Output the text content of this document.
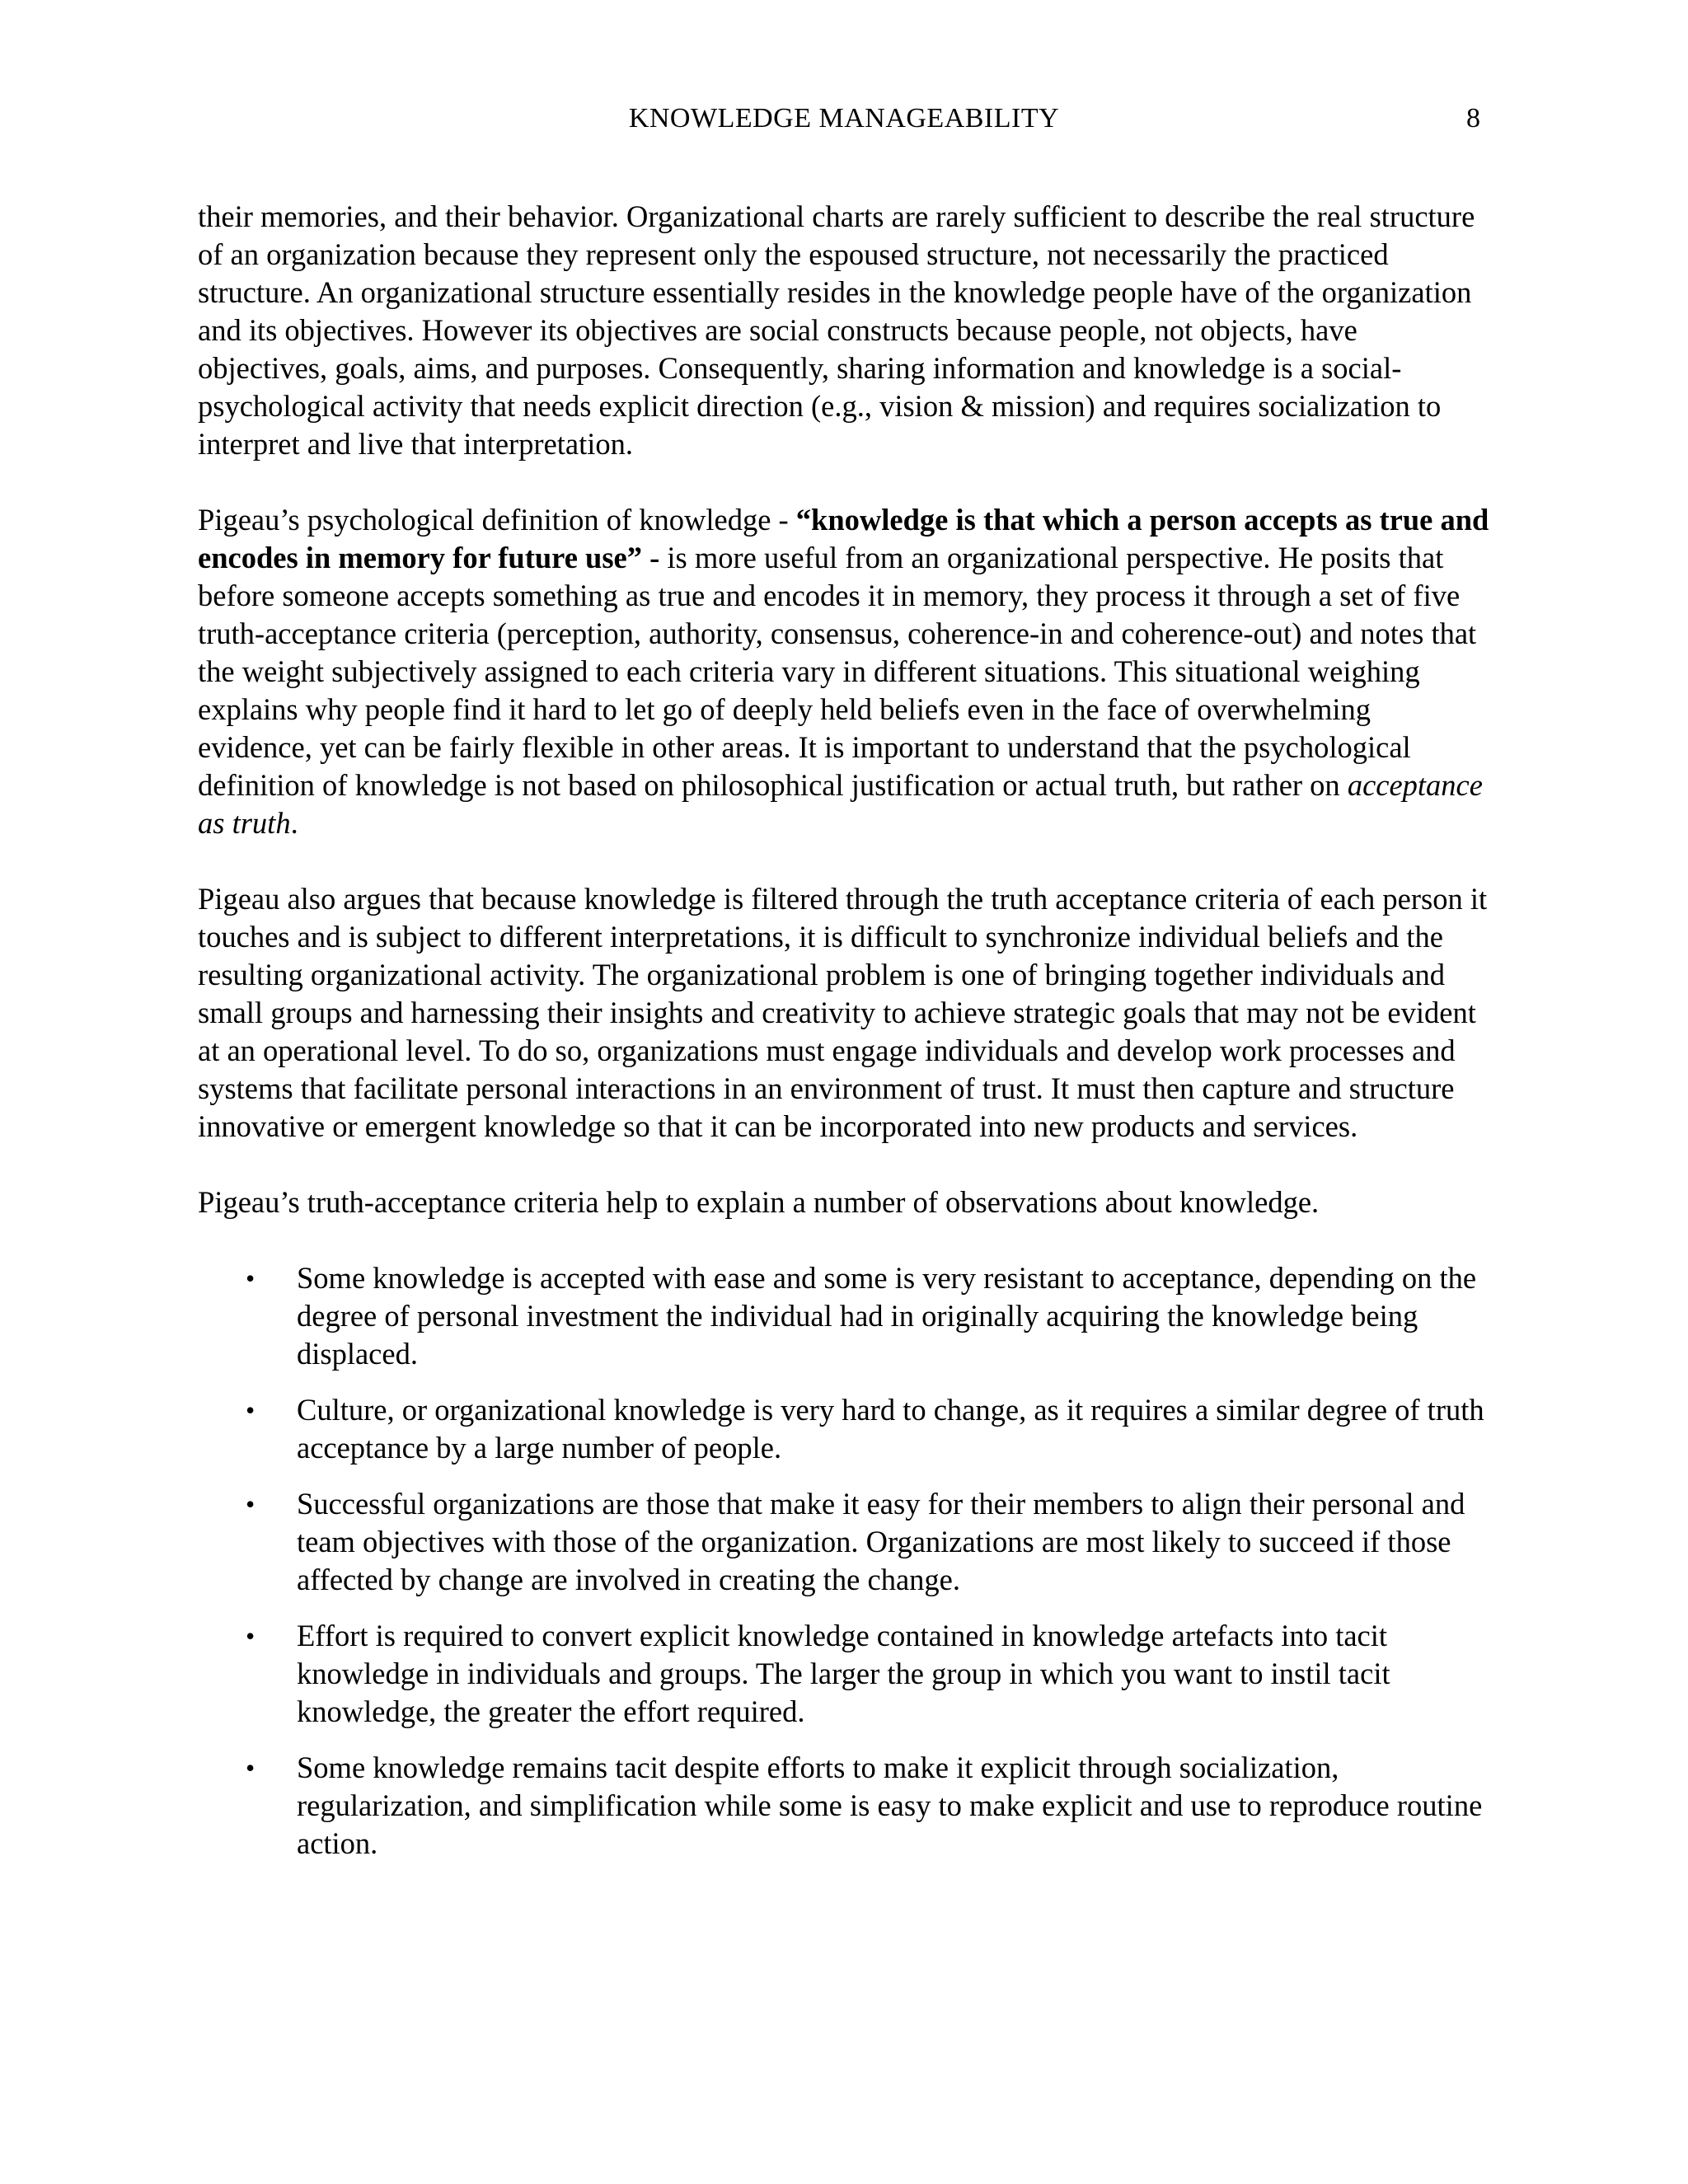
KNOWLEDGE MANAGEABILITY	8

their memories, and their behavior. Organizational charts are rarely sufficient to describe the real structure of an organization because they represent only the espoused structure, not necessarily the practiced structure. An organizational structure essentially resides in the knowledge people have of the organization and its objectives. However its objectives are social constructs because people, not objects, have objectives, goals, aims, and purposes. Consequently, sharing information and knowledge is a social-psychological activity that needs explicit direction (e.g., vision & mission) and requires socialization to interpret and live that interpretation.

Pigeau’s psychological definition of knowledge - “knowledge is that which a person accepts as true and encodes in memory for future use” - is more useful from an organizational perspective. He posits that before someone accepts something as true and encodes it in memory, they process it through a set of five truth-acceptance criteria (perception, authority, consensus, coherence-in and coherence-out) and notes that the weight subjectively assigned to each criteria vary in different situations. This situational weighing explains why people find it hard to let go of deeply held beliefs even in the face of overwhelming evidence, yet can be fairly flexible in other areas. It is important to understand that the psychological definition of knowledge is not based on philosophical justification or actual truth, but rather on acceptance as truth.

Pigeau also argues that because knowledge is filtered through the truth acceptance criteria of each person it touches and is subject to different interpretations, it is difficult to synchronize individual beliefs and the resulting organizational activity. The organizational problem is one of bringing together individuals and small groups and harnessing their insights and creativity to achieve strategic goals that may not be evident at an operational level. To do so, organizations must engage individuals and develop work processes and systems that facilitate personal interactions in an environment of trust. It must then capture and structure innovative or emergent knowledge so that it can be incorporated into new products and services.

Pigeau’s truth-acceptance criteria help to explain a number of observations about knowledge.

• Some knowledge is accepted with ease and some is very resistant to acceptance, depending on the degree of personal investment the individual had in originally acquiring the knowledge being displaced.
• Culture, or organizational knowledge is very hard to change, as it requires a similar degree of truth acceptance by a large number of people.
• Successful organizations are those that make it easy for their members to align their personal and team objectives with those of the organization. Organizations are most likely to succeed if those affected by change are involved in creating the change.
• Effort is required to convert explicit knowledge contained in knowledge artefacts into tacit knowledge in individuals and groups. The larger the group in which you want to instil tacit knowledge, the greater the effort required.
• Some knowledge remains tacit despite efforts to make it explicit through socialization, regularization, and simplification while some is easy to make explicit and use to reproduce routine action.
